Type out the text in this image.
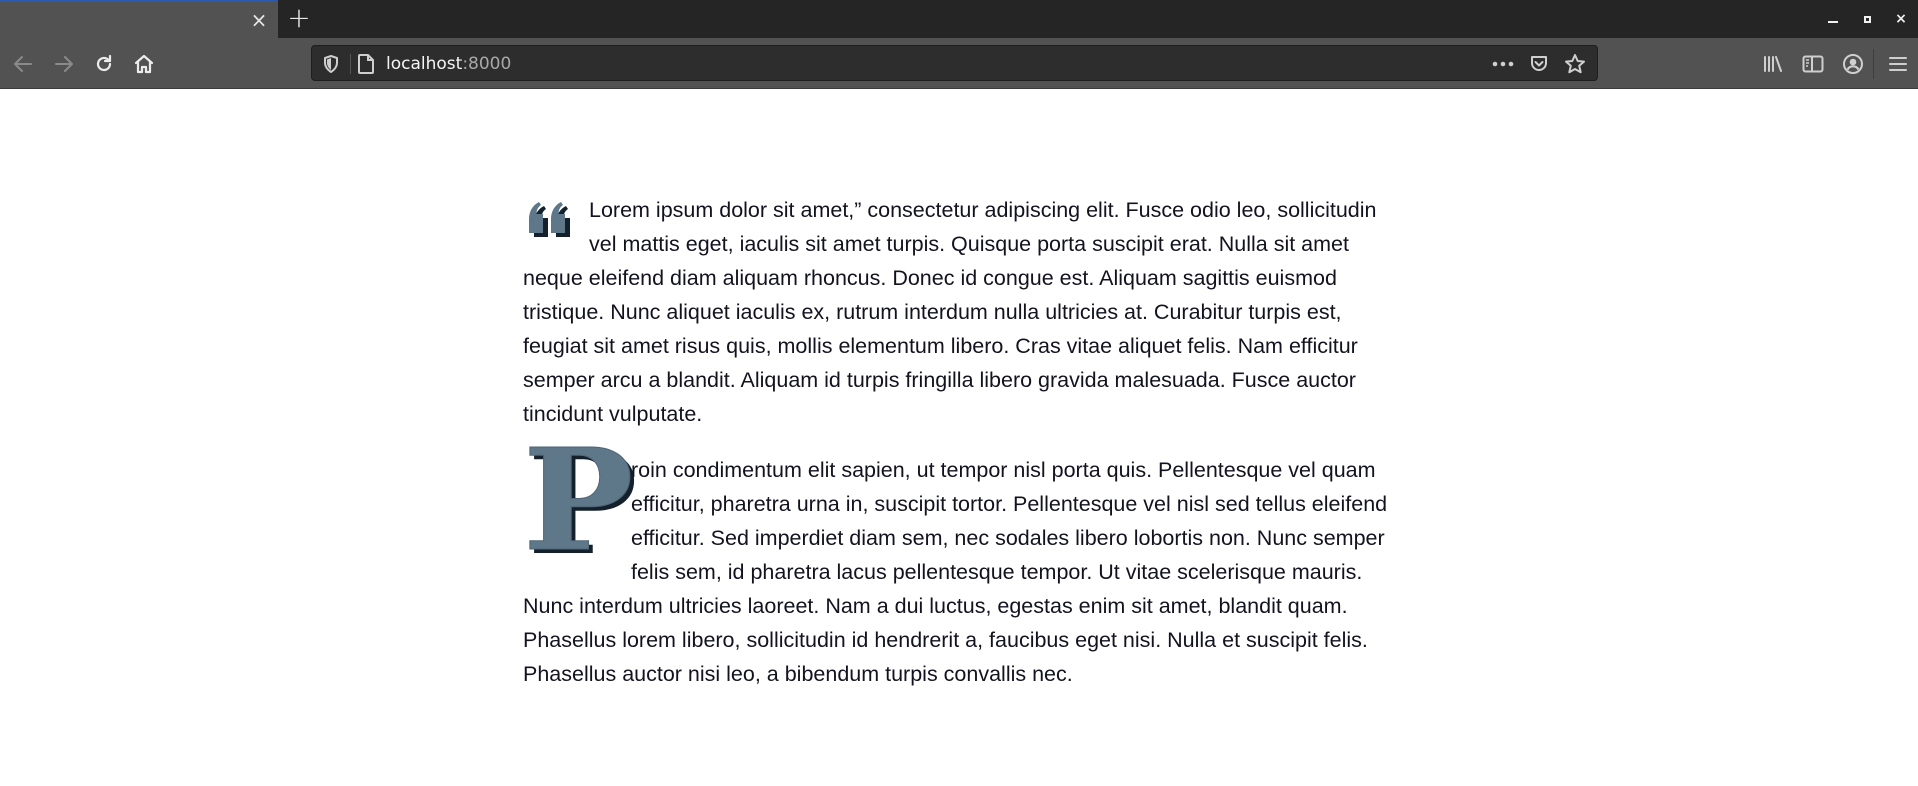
× +	×
localhost:8000

Lorem ipsum dolor sit amet,” consectetur adipiscing elit. Fusce odio leo, sollicitudin vel mattis eget, iaculis sit amet turpis. Quisque porta suscipit erat. Nulla sit amet neque eleifend diam aliquam rhoncus. Donec id congue est. Aliquam sagittis euismod tristique. Nunc aliquet iaculis ex, rutrum interdum nulla ultricies at. Curabitur turpis est, feugiat sit amet risus quis, mollis elementum libero. Cras vitae aliquet felis. Nam efficitur semper arcu a blandit. Aliquam id turpis fringilla libero gravida malesuada. Fusce auctor tincidunt vulputate.

P
roin condimentum elit sapien, ut tempor nisl porta quis. Pellentesque vel quam efficitur, pharetra urna in, suscipit tortor. Pellentesque vel nisl sed tellus eleifend efficitur. Sed imperdiet diam sem, nec sodales libero lobortis non. Nunc semper felis sem, id pharetra lacus pellentesque tempor. Ut vitae scelerisque mauris. Nunc interdum ultricies laoreet. Nam a dui luctus, egestas enim sit amet, blandit quam. Phasellus lorem libero, sollicitudin id hendrerit a, faucibus eget nisi. Nulla et suscipit felis. Phasellus auctor nisi leo, a bibendum turpis convallis nec.
